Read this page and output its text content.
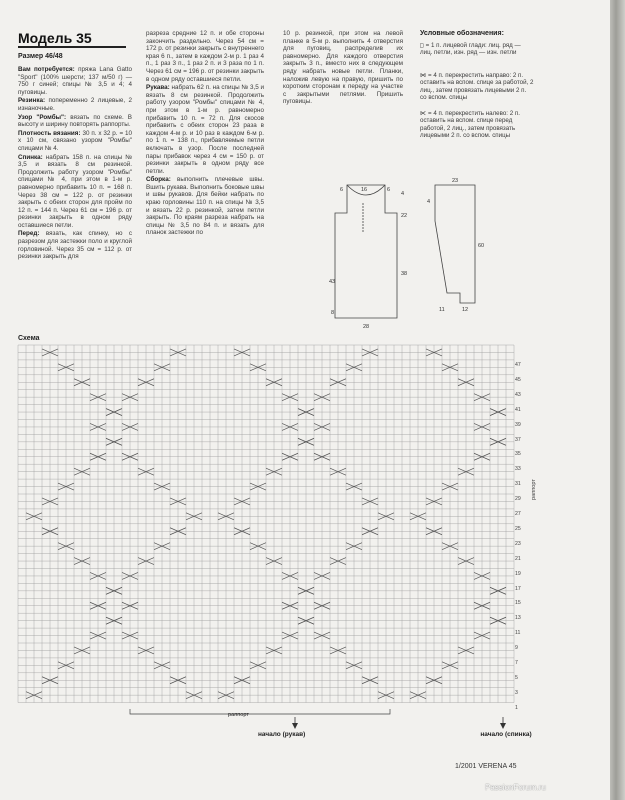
Модель 35
Размер 46/48

Вам потребуется: пряжа Lana Gatto "Sport" (100% шерсти; 137 м/50 г) — 750 г синей; спицы № 3,5 и 4; 4 пуговицы.

Резинка: попеременно 2 лицевые, 2 изнаночные.

Узор "Ромбы": вязать по схеме. В высоту и ширину повторять раппорты.

Плотность вязания: 30 п. х 32 р. = 10 х 10 см, связано узором "Ромбы" спицами № 4.

Спинка: набрать 158 п. на спицы № 3,5 и вязать 8 см резинкой. Продолжить работу узором "Ромбы" спицами № 4, при этом в 1-м р. равномерно прибавить 10 п. = 168 п. Через 38 см = 122 р. от резинки закрыть с обеих сторон для пройм по 12 п. = 144 п. Через 61 см = 196 р. от резинки закрыть в одном ряду оставшиеся петли.

Перед: вязать, как спинку, но с разрезом для застежки поло и круглой горловиной. Через 35 см = 112 р. от резинки закрыть для

разреза средние 12 п. и обе стороны закончить раздельно. Через 54 см = 172 р. от резинки закрыть с внутреннего края 6 п., затем в каждом 2-м р. 1 раз 4 п., 1 раз 3 п., 1 раз 2 п. и 3 раза по 1 п. Через 61 см = 196 р. от резинки закрыть в одном ряду оставшиеся петли.

Рукава: набрать 62 п. на спицы № 3,5 и вязать 8 см резинкой. Продолжить работу узором "Ромбы" спицами № 4, при этом в 1-м р. равномерно прибавить 10 п. = 72 п. Для скосов прибавить с обеих сторон 23 раза в каждом 4-м р. и 10 раз в каждом 6-м р. по 1 п. = 138 п., прибавляемые петли включать в узор. После последней пары прибавок через 4 см = 150 р. от резинки закрыть в одном ряду все петли.

Сборка: выполнить плечевые швы. Вшить рукава. Выполнить боковые швы и швы рукавов. Для бейки набрать по краю горловины 110 п. на спицы № 3,5 и вязать 22 р. резинкой, затем петли закрыть. По краям разреза набрать на спицы № 3,5 по 84 п. и вязать для планок застежки по

10 р. резинкой, при этом на левой планке в 5-м р. выполнить 4 отверстия для пуговиц, распределив их равномерно. Для каждого отверстия закрыть 3 п., вместо них в следующем ряду набрать новые петли. Планки, наложив левую на правую, пришить по коротким сторонам к переду на участке с закрытыми петлями. Пришить пуговицы.

Условные обозначения:
□ = 1 п. лицевой глади: лиц. ряд — лиц. петли, изн. ряд — изн. петли
⋈ = 4 п. перекрестить направо: 2 п. оставить на вспом. спице за работой, 2 лиц., затем провязать лицевыми 2 п. со вспом. спицы
⋉ = 4 п. перекрестить налево: 2 п. оставить на вспом. спице перед работой, 2 лиц., затем провязать лицевыми 2 п. со вспом. спицы
6	16	6
4
22
38
43
8
28
23
60
4
11	12
Схема
47
45
43
41
39
37
35
33
31
29
27
25
23
21
19
17
15
13
11
9
7
5
3
1
раппорт
раппорт
начало (рукав)	начало (спинка)
1/2001 VERENA 45
PassionForum.ru
